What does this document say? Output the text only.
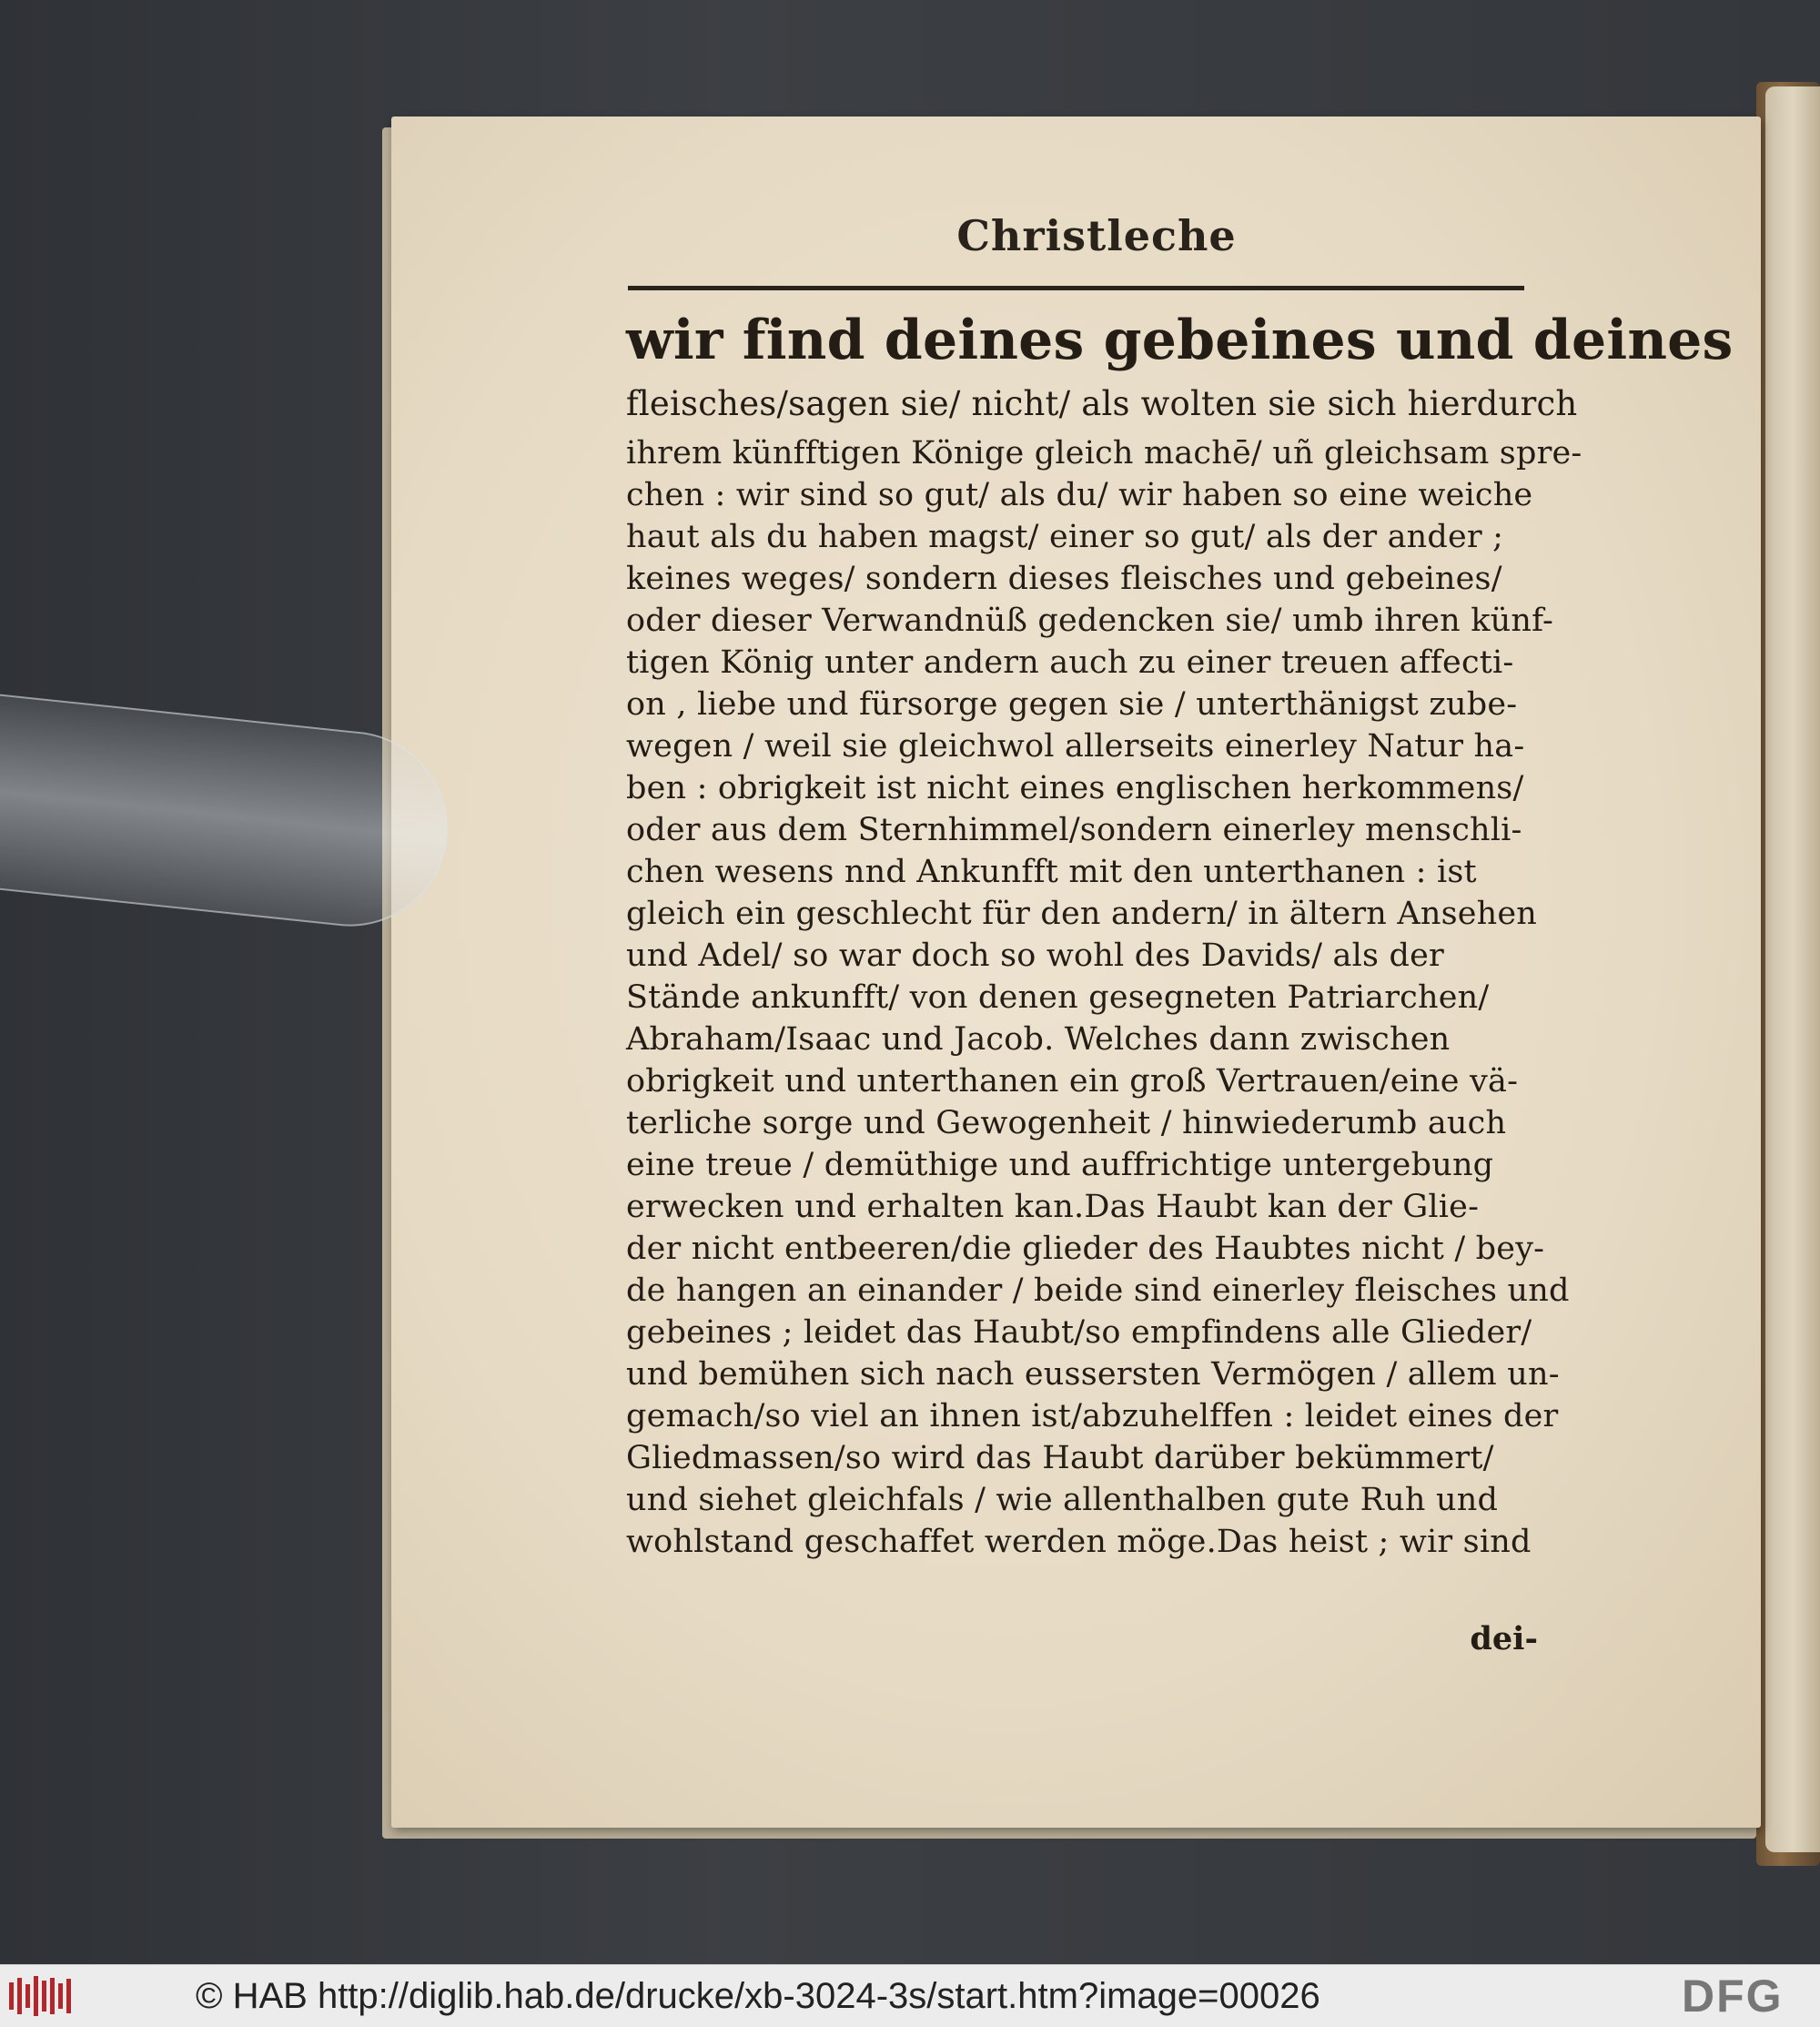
Christleche
wir find deines gebeines und deines
fleisches/sagen sie/ nicht/ als wolten sie sich hierdurch
ihrem künfftigen Könige gleich machē/ uñ gleichsam spre-
chen : wir sind so gut/ als du/ wir haben so eine weiche
haut als du haben magst/ einer so gut/ als der ander ;
keines weges/ sondern dieses fleisches und gebeines/
oder dieser Verwandnüß gedencken sie/ umb ihren künf-
tigen König unter andern auch zu einer treuen affecti-
on , liebe und fürsorge gegen sie / unterthänigst zube-
wegen / weil sie gleichwol allerseits einerley Natur ha-
ben : obrigkeit ist nicht eines englischen herkommens/
oder aus dem Sternhimmel/sondern einerley menschli-
chen wesens nnd Ankunfft mit den unterthanen : ist
gleich ein geschlecht für den andern/ in ältern Ansehen
und Adel/ so war doch so wohl des Davids/ als der
Stände ankunfft/ von denen gesegneten Patriarchen/
Abraham/Isaac und Jacob. Welches dann zwischen
obrigkeit und unterthanen ein groß Vertrauen/eine vä-
terliche sorge und Gewogenheit / hinwiederumb auch
eine treue / demüthige und auffrichtige untergebung
erwecken und erhalten kan.Das Haubt kan der Glie-
der nicht entbeeren/die glieder des Haubtes nicht / bey-
de hangen an einander / beide sind einerley fleisches und
gebeines ; leidet das Haubt/so empfindens alle Glieder/
und bemühen sich nach eussersten Vermögen / allem un-
gemach/so viel an ihnen ist/abzuhelffen : leidet eines der
Gliedmassen/so wird das Haubt darüber bekümmert/
und siehet gleichfals / wie allenthalben gute Ruh und
wohlstand geschaffet werden möge.Das heist ; wir sind
dei-
© HAB http://diglib.hab.de/drucke/xb-3024-3s/start.htm?image=00026	DFG
